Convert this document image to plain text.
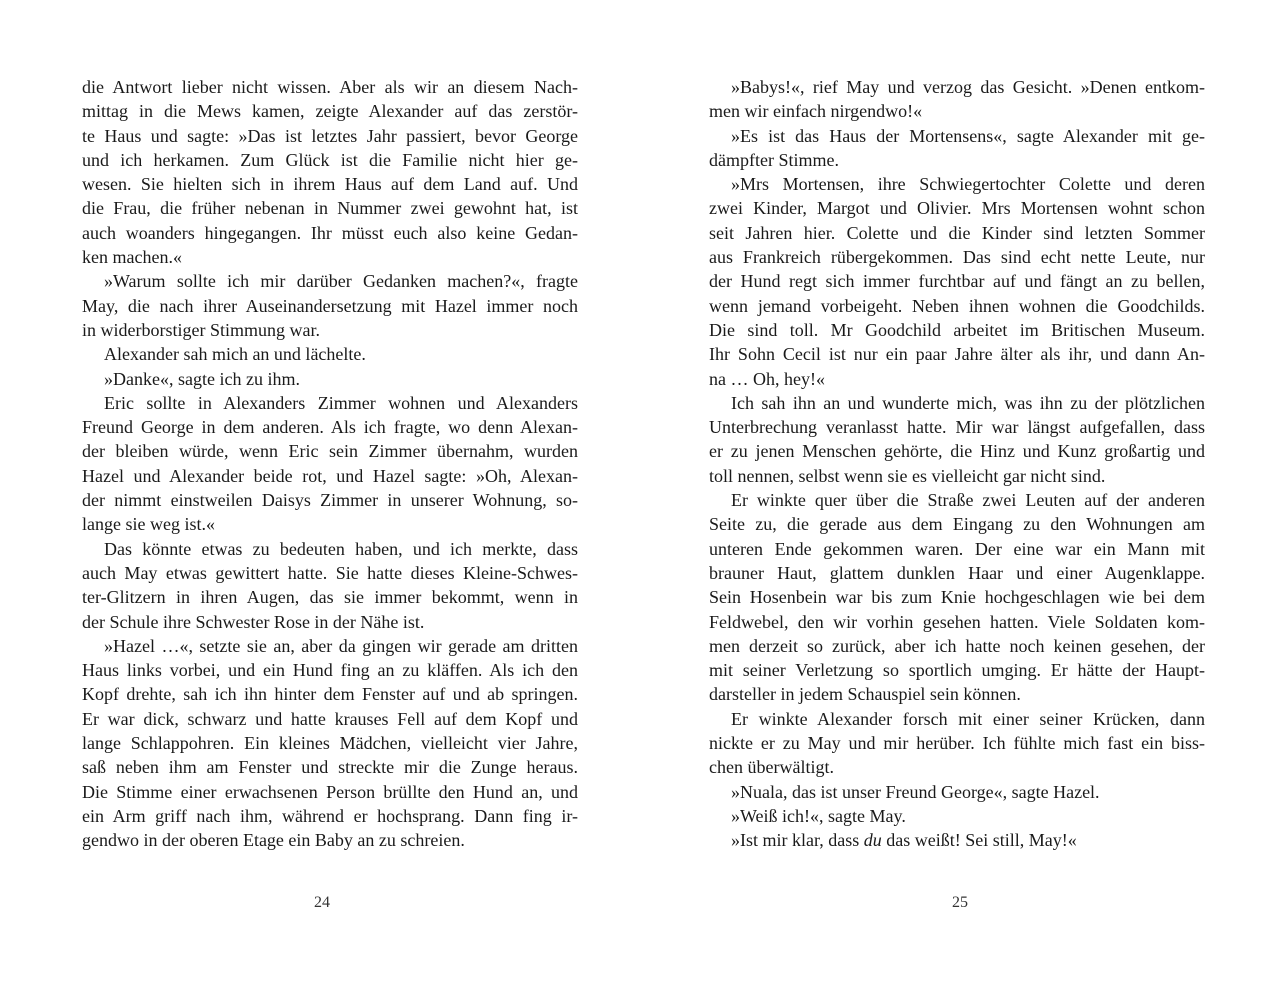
die Antwort lieber nicht wissen. Aber als wir an diesem Nach-
mittag in die Mews kamen, zeigte Alexander auf das zerstör-
te Haus und sagte: »Das ist letztes Jahr passiert, bevor George
und ich herkamen. Zum Glück ist die Familie nicht hier ge-
wesen. Sie hielten sich in ihrem Haus auf dem Land auf. Und
die Frau, die früher nebenan in Nummer zwei gewohnt hat, ist
auch woanders hingegangen. Ihr müsst euch also keine Gedan-
ken machen.«
»Warum sollte ich mir darüber Gedanken machen?«, fragte
May, die nach ihrer Auseinandersetzung mit Hazel immer noch
in widerborstiger Stimmung war.
Alexander sah mich an und lächelte.
»Danke«, sagte ich zu ihm.
Eric sollte in Alexanders Zimmer wohnen und Alexanders
Freund George in dem anderen. Als ich fragte, wo denn Alexan-
der bleiben würde, wenn Eric sein Zimmer übernahm, wurden
Hazel und Alexander beide rot, und Hazel sagte: »Oh, Alexan-
der nimmt einstweilen Daisys Zimmer in unserer Wohnung, so-
lange sie weg ist.«
Das könnte etwas zu bedeuten haben, und ich merkte, dass
auch May etwas gewittert hatte. Sie hatte dieses Kleine-Schwes-
ter-Glitzern in ihren Augen, das sie immer bekommt, wenn in
der Schule ihre Schwester Rose in der Nähe ist.
»Hazel …«, setzte sie an, aber da gingen wir gerade am dritten
Haus links vorbei, und ein Hund fing an zu kläffen. Als ich den
Kopf drehte, sah ich ihn hinter dem Fenster auf und ab springen.
Er war dick, schwarz und hatte krauses Fell auf dem Kopf und
lange Schlappohren. Ein kleines Mädchen, vielleicht vier Jahre,
saß neben ihm am Fenster und streckte mir die Zunge heraus.
Die Stimme einer erwachsenen Person brüllte den Hund an, und
ein Arm griff nach ihm, während er hochsprang. Dann fing ir-
gendwo in der oberen Etage ein Baby an zu schreien.
»Babys!«, rief May und verzog das Gesicht. »Denen entkom-
men wir einfach nirgendwo!«
»Es ist das Haus der Mortensens«, sagte Alexander mit ge-
dämpfter Stimme.
»Mrs Mortensen, ihre Schwiegertochter Colette und deren
zwei Kinder, Margot und Olivier. Mrs Mortensen wohnt schon
seit Jahren hier. Colette und die Kinder sind letzten Sommer
aus Frankreich rübergekommen. Das sind echt nette Leute, nur
der Hund regt sich immer furchtbar auf und fängt an zu bellen,
wenn jemand vorbeigeht. Neben ihnen wohnen die Goodchilds.
Die sind toll. Mr Goodchild arbeitet im Britischen Museum.
Ihr Sohn Cecil ist nur ein paar Jahre älter als ihr, und dann An-
na … Oh, hey!«
Ich sah ihn an und wunderte mich, was ihn zu der plötzlichen
Unterbrechung veranlasst hatte. Mir war längst aufgefallen, dass
er zu jenen Menschen gehörte, die Hinz und Kunz großartig und
toll nennen, selbst wenn sie es vielleicht gar nicht sind.
Er winkte quer über die Straße zwei Leuten auf der anderen
Seite zu, die gerade aus dem Eingang zu den Wohnungen am
unteren Ende gekommen waren. Der eine war ein Mann mit
brauner Haut, glattem dunklen Haar und einer Augenklappe.
Sein Hosenbein war bis zum Knie hochgeschlagen wie bei dem
Feldwebel, den wir vorhin gesehen hatten. Viele Soldaten kom-
men derzeit so zurück, aber ich hatte noch keinen gesehen, der
mit seiner Verletzung so sportlich umging. Er hätte der Haupt-
darsteller in jedem Schauspiel sein können.
Er winkte Alexander forsch mit einer seiner Krücken, dann
nickte er zu May und mir herüber. Ich fühlte mich fast ein biss-
chen überwältigt.
»Nuala, das ist unser Freund George«, sagte Hazel.
»Weiß ich!«, sagte May.
»Ist mir klar, dass du das weißt! Sei still, May!«
24	25
